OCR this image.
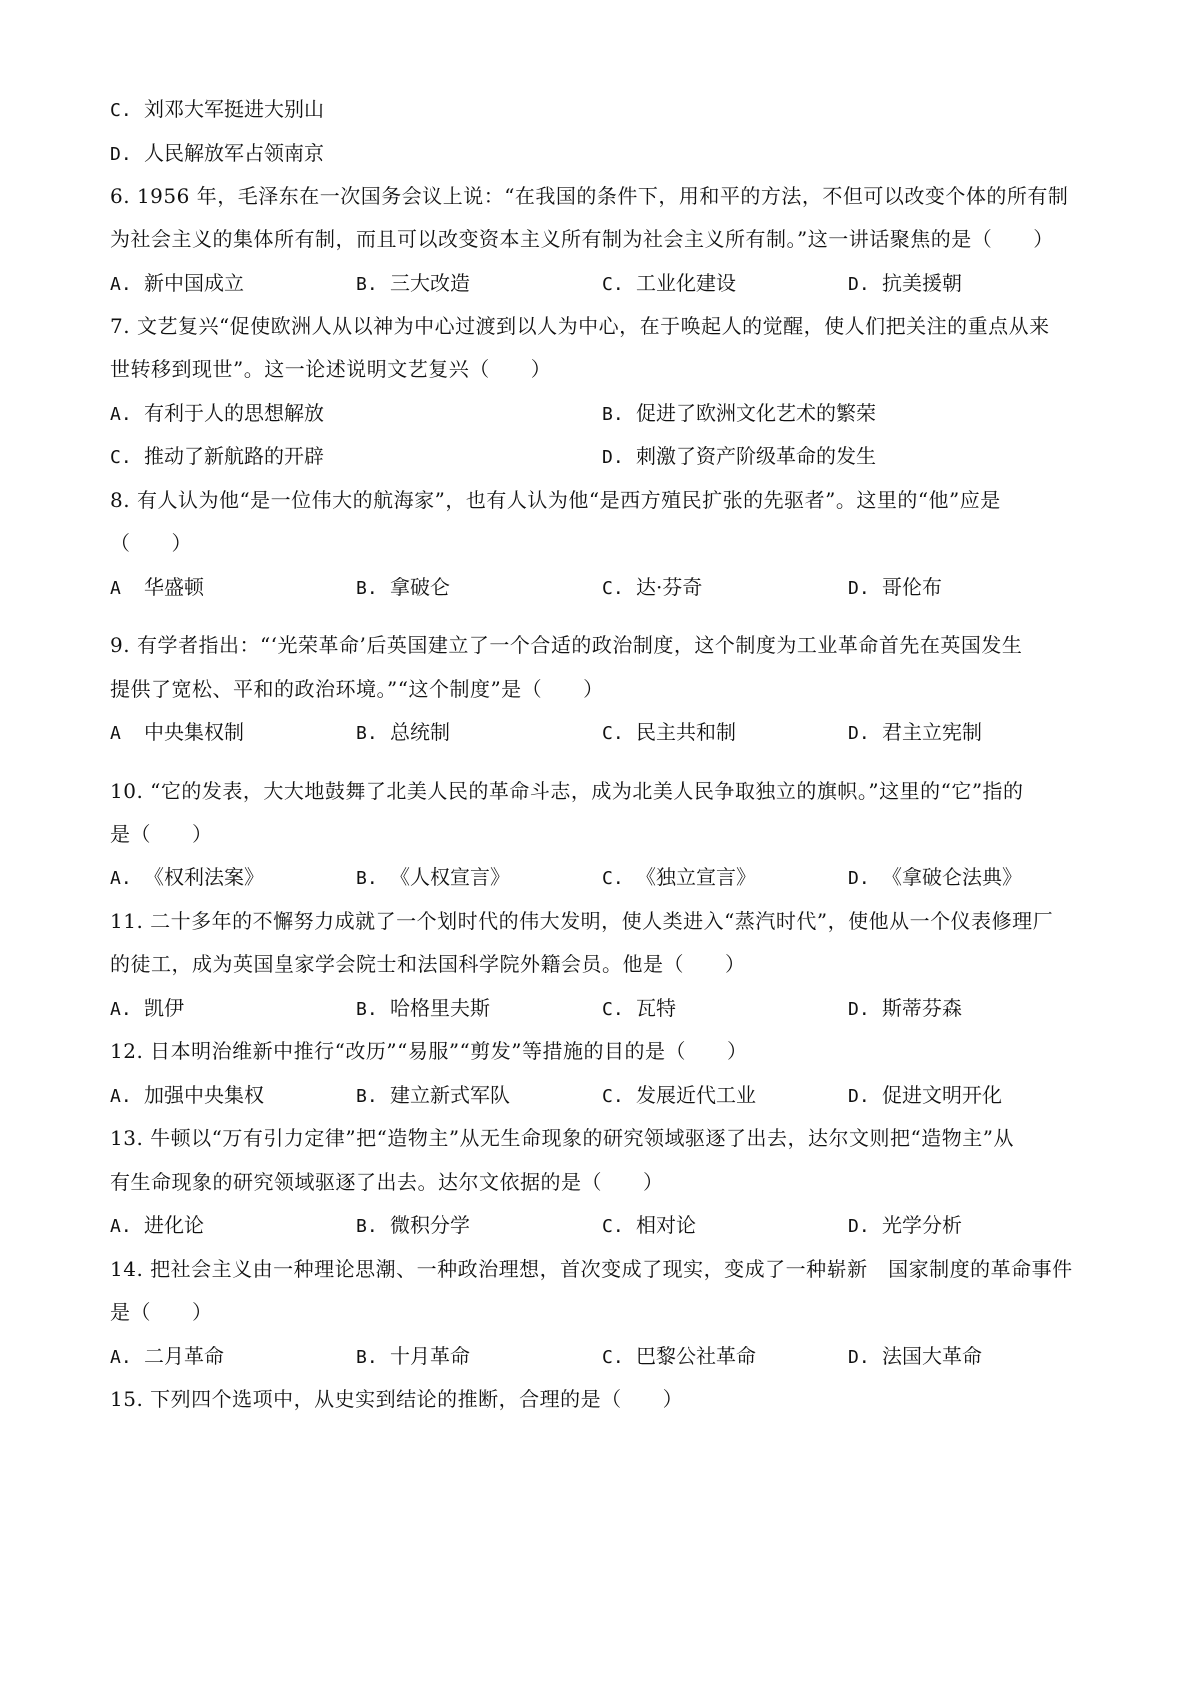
C. 刘邓大军挺进大别山
D. 人民解放军占领南京
6. 1956 年，毛泽东在一次国务会议上说：“在我国的条件下，用和平的方法，不但可以改变个体的所有制
为社会主义的集体所有制，而且可以改变资本主义所有制为社会主义所有制。”这一讲话聚焦的是（　　）
A. 新中国成立	B. 三大改造	C. 工业化建设	D. 抗美援朝
7. 文艺复兴“促使欧洲人从以神为中心过渡到以人为中心，在于唤起人的觉醒，使人们把关注的重点从来
世转移到现世”。这一论述说明文艺复兴（　　）
A. 有利于人的思想解放	B. 促进了欧洲文化艺术的繁荣
C. 推动了新航路的开辟	D. 刺激了资产阶级革命的发生
8. 有人认为他“是一位伟大的航海家”，也有人认为他“是西方殖民扩张的先驱者”。这里的“他”应是
（　　）
A 华盛顿	B. 拿破仑	C. 达·芬奇	D. 哥伦布
9. 有学者指出：“‘光荣革命’后英国建立了一个合适的政治制度，这个制度为工业革命首先在英国发生
提供了宽松、平和的政治环境。”“这个制度”是（　　）
A 中央集权制	B. 总统制	C. 民主共和制	D. 君主立宪制
10. “它的发表，大大地鼓舞了北美人民的革命斗志，成为北美人民争取独立的旗帜。”这里的“它”指的
是（　　）
A. 《权利法案》	B. 《人权宣言》	C. 《独立宣言》	D. 《拿破仑法典》
11. 二十多年的不懈努力成就了一个划时代的伟大发明，使人类进入“蒸汽时代”，使他从一个仪表修理厂
的徒工，成为英国皇家学会院士和法国科学院外籍会员。他是（　　）
A. 凯伊	B. 哈格里夫斯	C. 瓦特	D. 斯蒂芬森
12. 日本明治维新中推行“改历”“易服”“剪发”等措施的目的是（　　）
A. 加强中央集权	B. 建立新式军队	C. 发展近代工业	D. 促进文明开化
13. 牛顿以“万有引力定律”把“造物主”从无生命现象的研究领域驱逐了出去，达尔文则把“造物主”从
有生命现象的研究领域驱逐了出去。达尔文依据的是（　　）
A. 进化论	B. 微积分学	C. 相对论	D. 光学分析
14. 把社会主义由一种理论思潮、一种政治理想，首次变成了现实，变成了一种崭新　国家制度的革命事件
是（　　）
A. 二月革命	B. 十月革命	C. 巴黎公社革命	D. 法国大革命
15. 下列四个选项中，从史实到结论的推断，合理的是（　　）
